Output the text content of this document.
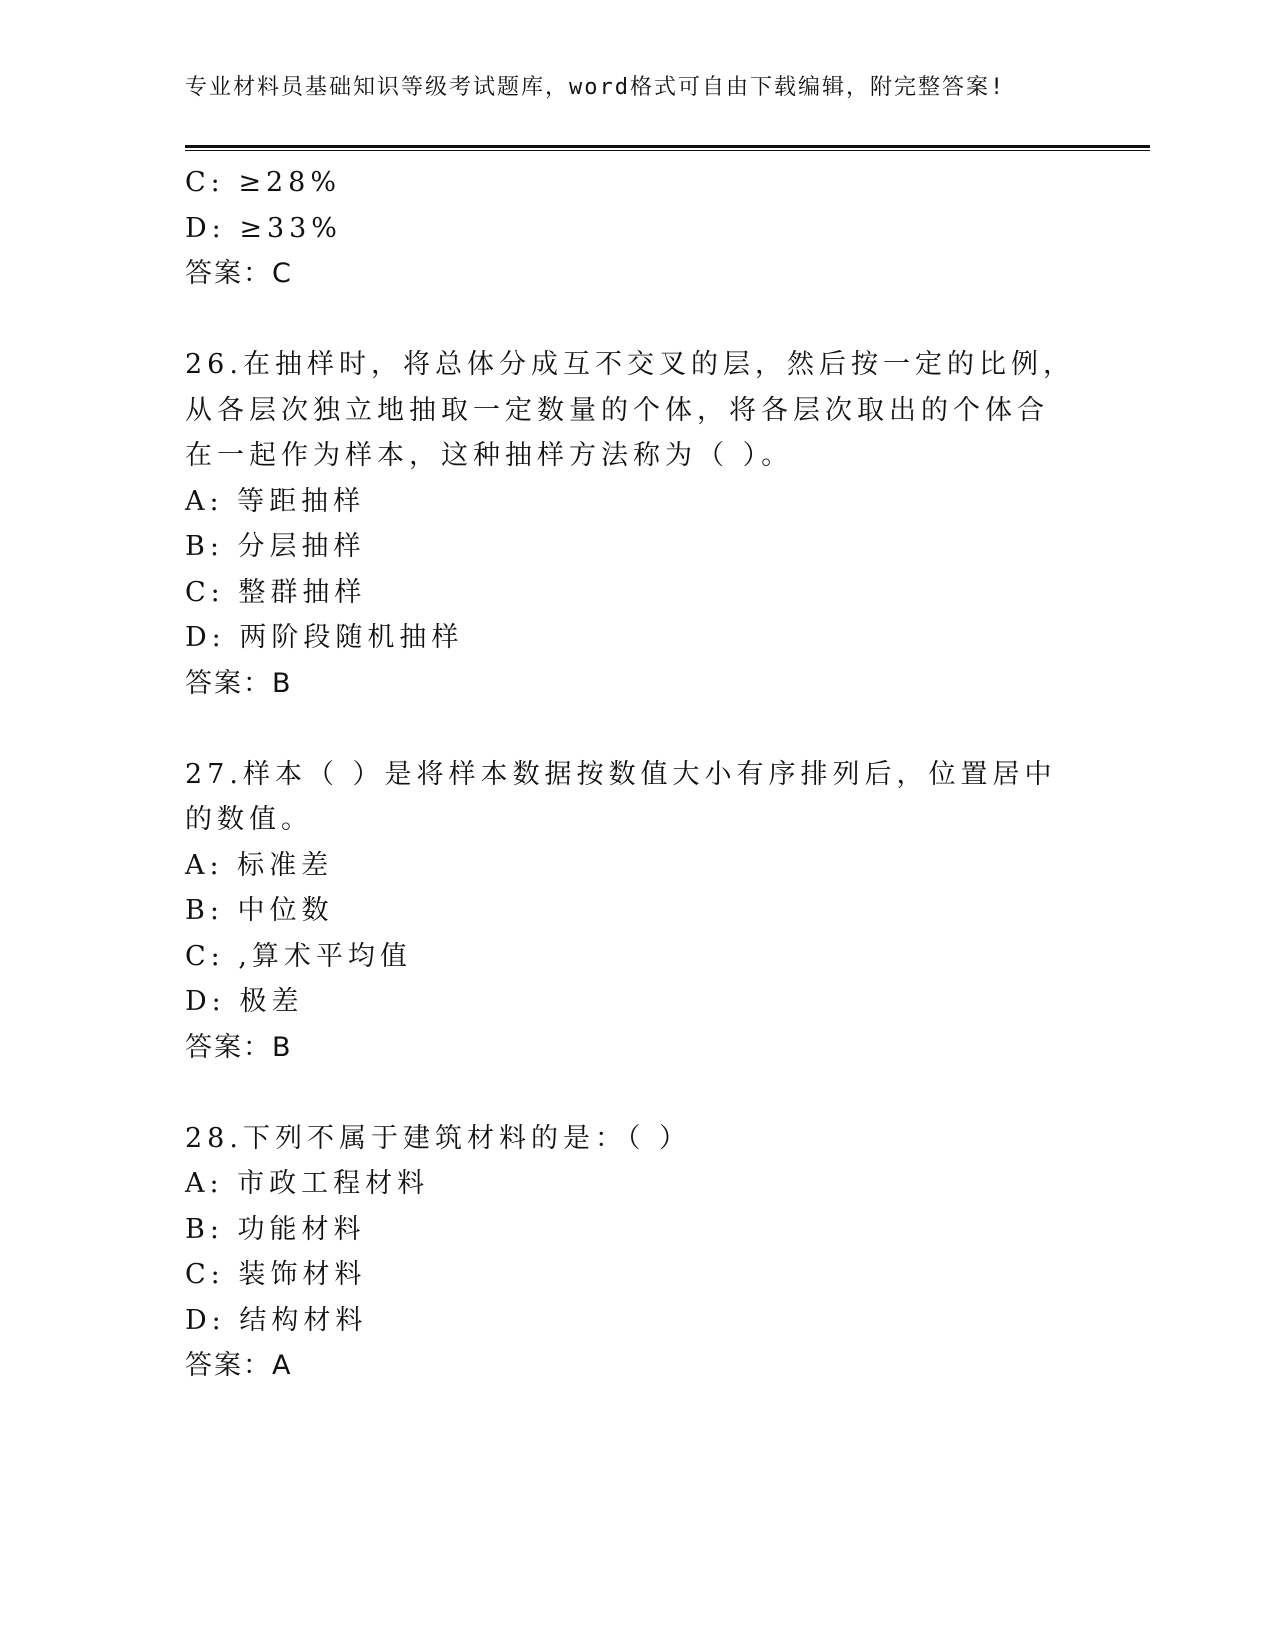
专业材料员基础知识等级考试题库，word格式可自由下载编辑，附完整答案!
C: ≥28%
D: ≥33%
答案：C
26.在抽样时，将总体分成互不交叉的层，然后按一定的比例，从各层次独立地抽取一定数量的个体，将各层次取出的个体合在一起作为样本，这种抽样方法称为（ ）。
A: 等距抽样
B: 分层抽样
C: 整群抽样
D: 两阶段随机抽样
答案：B
27.样本（ ）是将样本数据按数值大小有序排列后，位置居中的数值。
A: 标准差
B: 中位数
C: ,算术平均值
D: 极差
答案：B
28.下列不属于建筑材料的是：（ ）
A: 市政工程材料
B: 功能材料
C: 装饰材料
D: 结构材料
答案：A
